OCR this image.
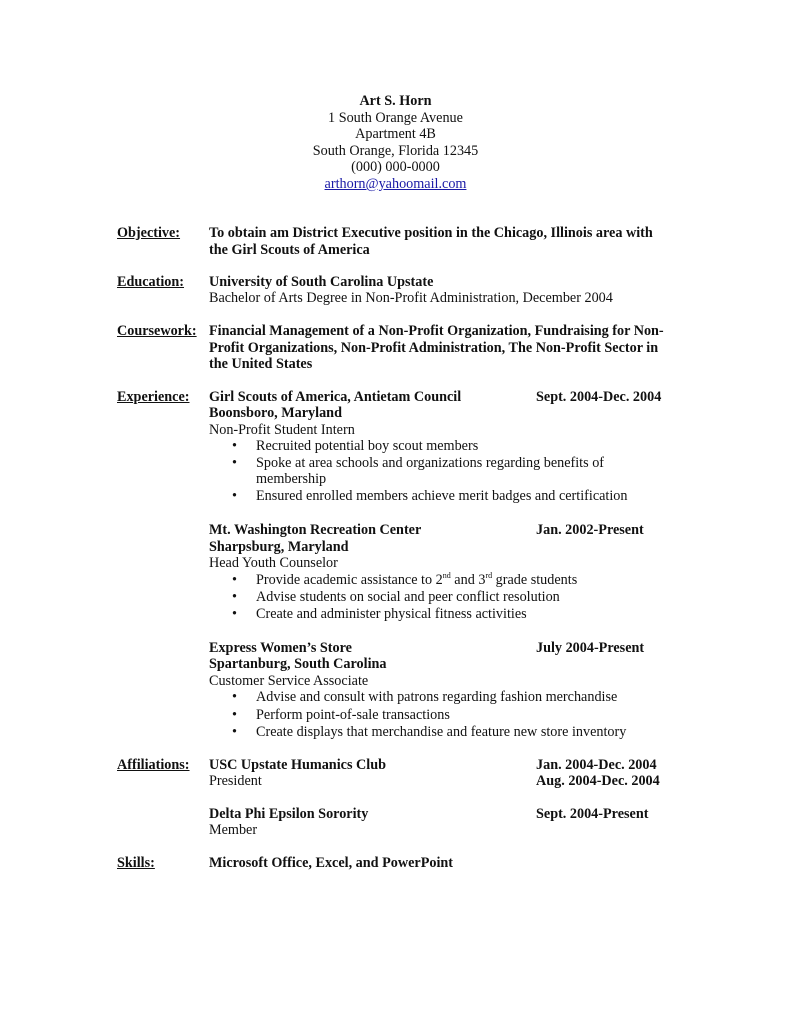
Art S. Horn
1 South Orange Avenue
Apartment 4B
South Orange, Florida 12345
(000) 000-0000
arthorn@yahoomail.com
Objective: To obtain am District Executive position in the Chicago, Illinois area with
the Girl Scouts of America
Education: University of South Carolina Upstate
Bachelor of Arts Degree in Non-Profit Administration, December 2004
Coursework: Financial Management of a Non-Profit Organization, Fundraising for Non-
Profit Organizations, Non-Profit Administration, The Non-Profit Sector in
the United States
Experience: Girl Scouts of America, Antietam Council	Sept. 2004-Dec. 2004
Boonsboro, Maryland
Non-Profit Student Intern
• Recruited potential boy scout members
• Spoke at area schools and organizations regarding benefits of
membership
• Ensured enrolled members achieve merit badges and certification
Mt. Washington Recreation Center	Jan. 2002-Present
Sharpsburg, Maryland
Head Youth Counselor
• Provide academic assistance to 2nd and 3rd grade students
• Advise students on social and peer conflict resolution
• Create and administer physical fitness activities
Express Women’s Store	July 2004-Present
Spartanburg, South Carolina
Customer Service Associate
• Advise and consult with patrons regarding fashion merchandise
• Perform point-of-sale transactions
• Create displays that merchandise and feature new store inventory
Affiliations: USC Upstate Humanics Club	Jan. 2004-Dec. 2004
President	Aug. 2004-Dec. 2004
Delta Phi Epsilon Sorority	Sept. 2004-Present
Member
Skills:	Microsoft Office, Excel, and PowerPoint
